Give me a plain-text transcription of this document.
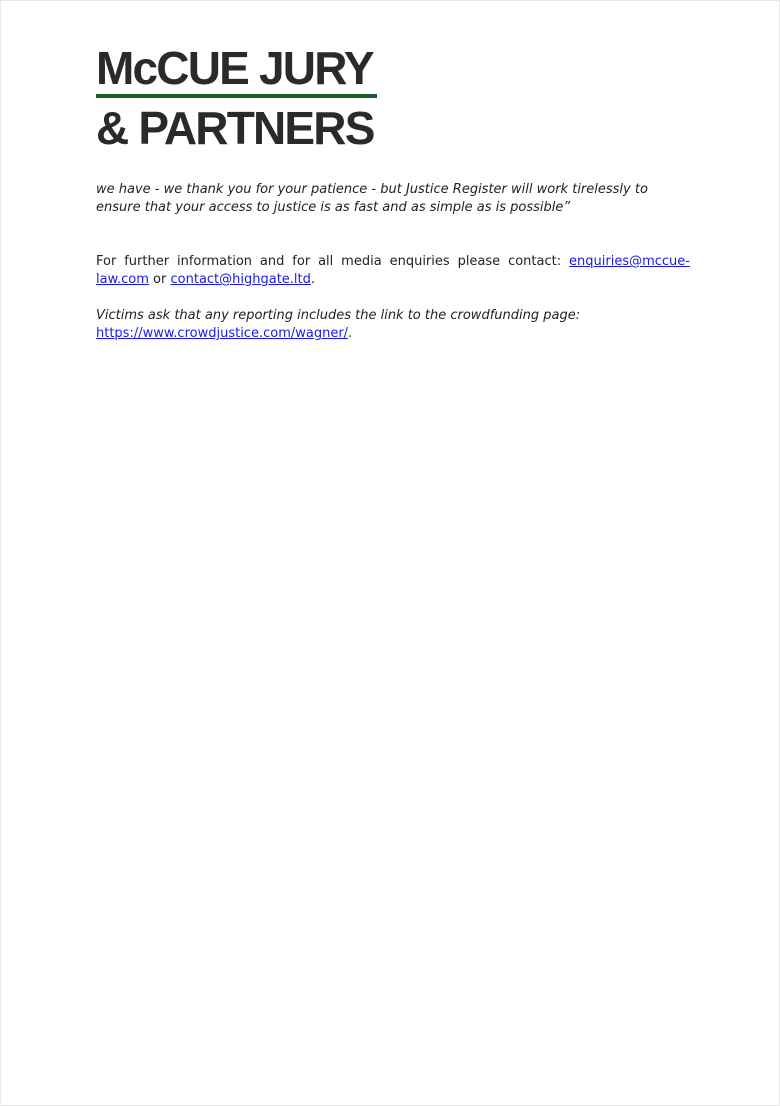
McCUE JURY
& PARTNERS

we have - we thank you for your patience - but Justice Register will work tirelessly to ensure that your access to justice is as fast and as simple as is possible”

For further information and for all media enquiries please contact: enquiries@mccue-law.com or contact@highgate.ltd.

Victims ask that any reporting includes the link to the crowdfunding page:
https://www.crowdjustice.com/wagner/.
